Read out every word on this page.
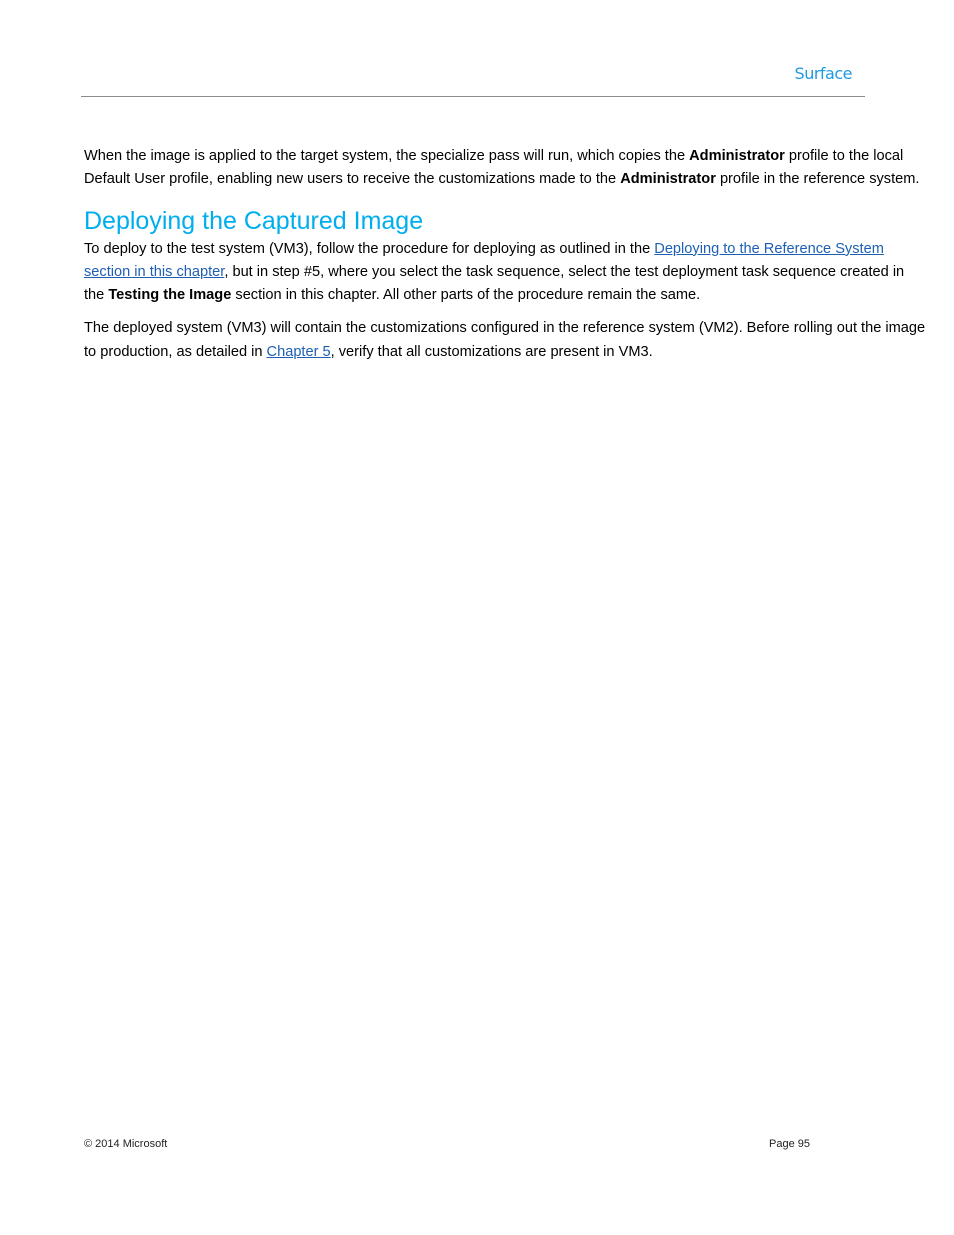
Surface

When the image is applied to the target system, the specialize pass will run, which copies the Administrator profile to the local Default User profile, enabling new users to receive the customizations made to the Administrator profile in the reference system.

Deploying the Captured Image

To deploy to the test system (VM3), follow the procedure for deploying as outlined in the Deploying to the Reference System section in this chapter, but in step #5, where you select the task sequence, select the test deployment task sequence created in the Testing the Image section in this chapter. All other parts of the procedure remain the same.

The deployed system (VM3) will contain the customizations configured in the reference system (VM2). Before rolling out the image to production, as detailed in Chapter 5, verify that all customizations are present in VM3.

© 2014 Microsoft	Page 95
